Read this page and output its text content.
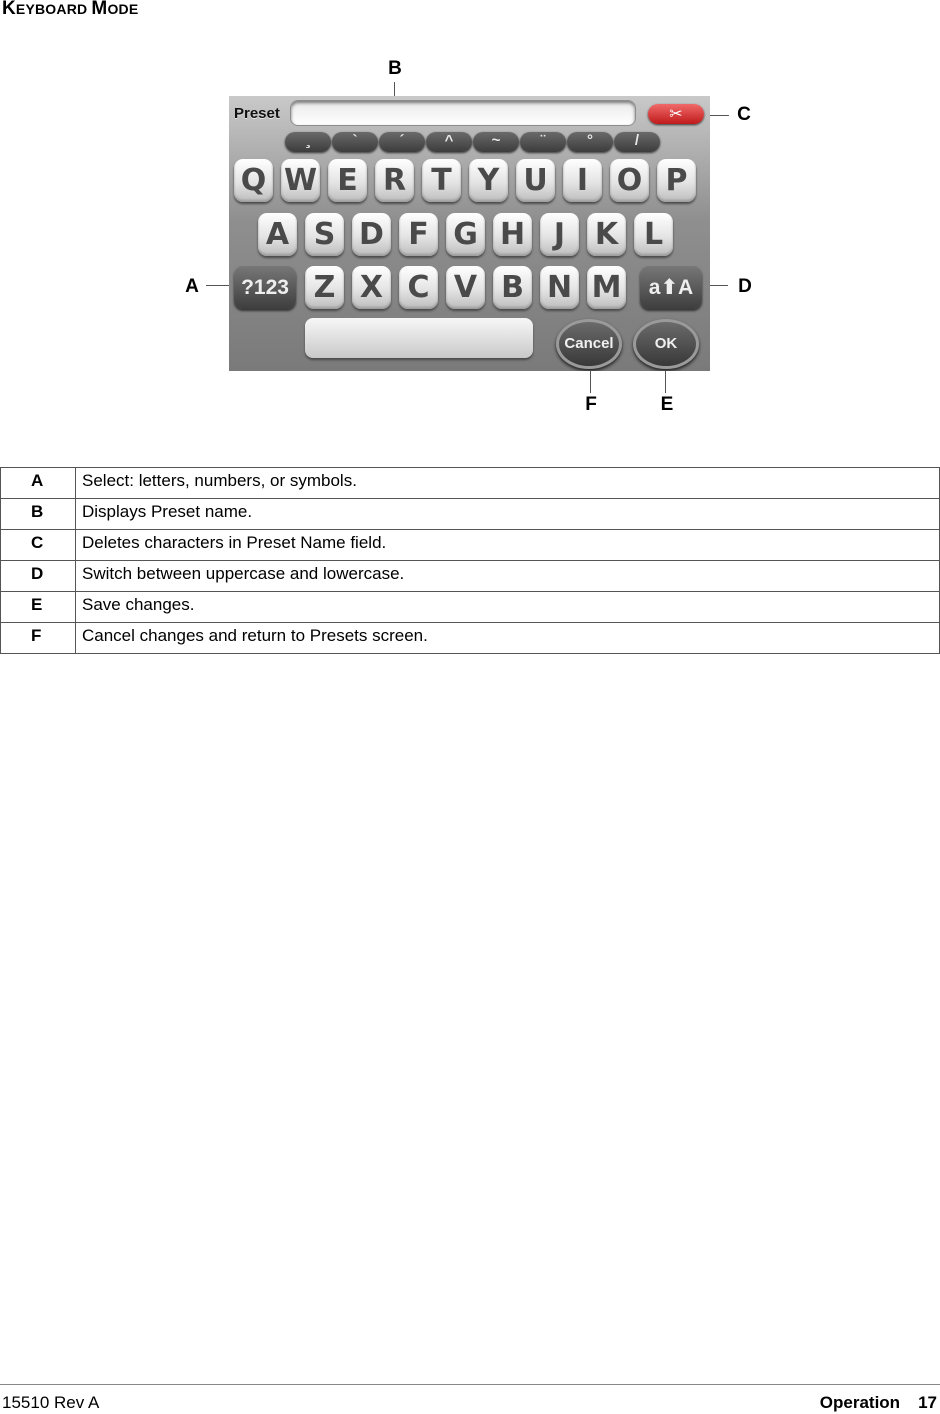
KEYBOARD MODE
B
C
A	D
F	E
Preset	✂
`	´	^	~	¨	°	/
Q W E R T Y U I O P
A S D F G H J K L
?123 Z X C V B N M	a⬆A
Cancel	OK
A	Select: letters, numbers, or symbols.
B	Displays Preset name.
C	Deletes characters in Preset Name field.
D	Switch between uppercase and lowercase.
E	Save changes.
F	Cancel changes and return to Presets screen.
15510 Rev A	Operation 17
